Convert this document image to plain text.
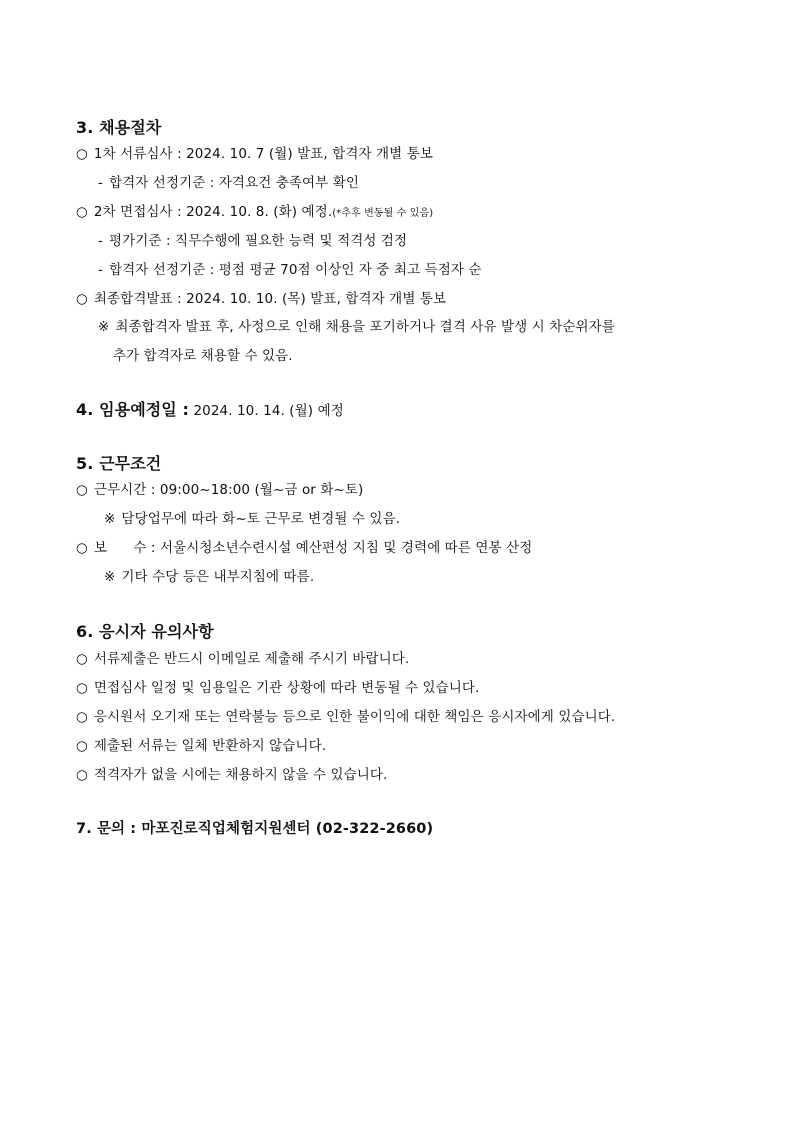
3. 채용절차
○ 1차 서류심사 : 2024. 10. 7 (월) 발표, 합격자 개별 통보
- 합격자 선정기준 : 자격요건 충족여부 확인
○ 2차 면접심사 : 2024. 10. 8. (화) 예정.(*추후 변동될 수 있음)
- 평가기준 : 직무수행에 필요한 능력 및 적격성 검정
- 합격자 선정기준 : 평점 평균 70점 이상인 자 중 최고 득점자 순
○ 최종합격발표 : 2024. 10. 10. (목) 발표, 합격자 개별 통보
※ 최종합격자 발표 후, 사정으로 인해 채용을 포기하거나 결격 사유 발생 시 차순위자를
추가 합격자로 채용할 수 있음.
4. 임용예정일 : 2024. 10. 14. (월) 예정
5. 근무조건
○ 근무시간 : 09:00~18:00 (월~금 or 화~토)
※ 담당업무에 따라 화~토 근무로 변경될 수 있음.
○ 보      수 : 서울시청소년수련시설 예산편성 지침 및 경력에 따른 연봉 산정
※ 기타 수당 등은 내부지침에 따름.
6. 응시자 유의사항
○ 서류제출은 반드시 이메일로 제출해 주시기 바랍니다.
○ 면접심사 일정 및 임용일은 기관 상황에 따라 변동될 수 있습니다.
○ 응시원서 오기재 또는 연락불능 등으로 인한 불이익에 대한 책임은 응시자에게 있습니다.
○ 제출된 서류는 일체 반환하지 않습니다.
○ 적격자가 없을 시에는 채용하지 않을 수 있습니다.
7. 문의 : 마포진로직업체험지원센터 (02-322-2660)
